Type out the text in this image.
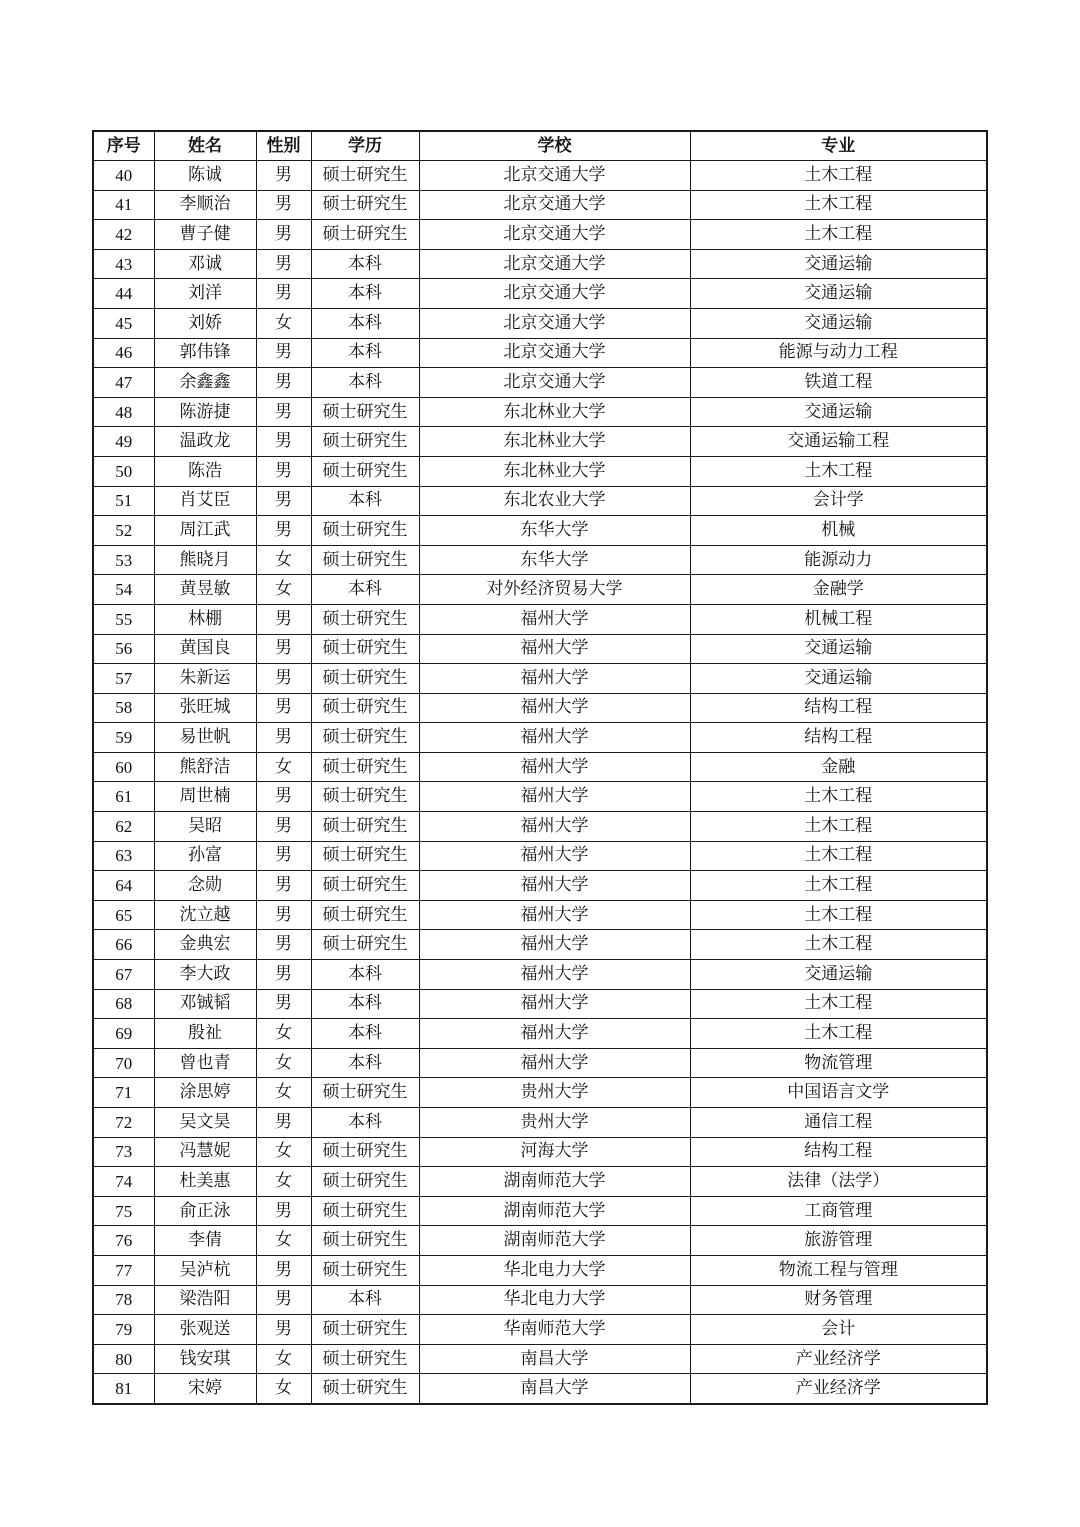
序号	姓名	性别	学历	学校	专业
40	陈诚	男	硕士研究生	北京交通大学	土木工程
41	李顺治	男	硕士研究生	北京交通大学	土木工程
42	曹子健	男	硕士研究生	北京交通大学	土木工程
43	邓诚	男	本科	北京交通大学	交通运输
44	刘洋	男	本科	北京交通大学	交通运输
45	刘娇	女	本科	北京交通大学	交通运输
46	郭伟锋	男	本科	北京交通大学	能源与动力工程
47	余鑫鑫	男	本科	北京交通大学	铁道工程
48	陈游捷	男	硕士研究生	东北林业大学	交通运输
49	温政龙	男	硕士研究生	东北林业大学	交通运输工程
50	陈浩	男	硕士研究生	东北林业大学	土木工程
51	肖艾臣	男	本科	东北农业大学	会计学
52	周江武	男	硕士研究生	东华大学	机械
53	熊晓月	女	硕士研究生	东华大学	能源动力
54	黄昱敏	女	本科	对外经济贸易大学	金融学
55	林棚	男	硕士研究生	福州大学	机械工程
56	黄国良	男	硕士研究生	福州大学	交通运输
57	朱新运	男	硕士研究生	福州大学	交通运输
58	张旺城	男	硕士研究生	福州大学	结构工程
59	易世帆	男	硕士研究生	福州大学	结构工程
60	熊舒洁	女	硕士研究生	福州大学	金融
61	周世楠	男	硕士研究生	福州大学	土木工程
62	吴昭	男	硕士研究生	福州大学	土木工程
63	孙富	男	硕士研究生	福州大学	土木工程
64	念勋	男	硕士研究生	福州大学	土木工程
65	沈立越	男	硕士研究生	福州大学	土木工程
66	金典宏	男	硕士研究生	福州大学	土木工程
67	李大政	男	本科	福州大学	交通运输
68	邓铖韬	男	本科	福州大学	土木工程
69	殷祉	女	本科	福州大学	土木工程
70	曾也青	女	本科	福州大学	物流管理
71	涂思婷	女	硕士研究生	贵州大学	中国语言文学
72	吴文昊	男	本科	贵州大学	通信工程
73	冯慧妮	女	硕士研究生	河海大学	结构工程
74	杜美惠	女	硕士研究生	湖南师范大学	法律（法学）
75	俞正泳	男	硕士研究生	湖南师范大学	工商管理
76	李倩	女	硕士研究生	湖南师范大学	旅游管理
77	吴泸杭	男	硕士研究生	华北电力大学	物流工程与管理
78	梁浩阳	男	本科	华北电力大学	财务管理
79	张观送	男	硕士研究生	华南师范大学	会计
80	钱安琪	女	硕士研究生	南昌大学	产业经济学
81	宋婷	女	硕士研究生	南昌大学	产业经济学
